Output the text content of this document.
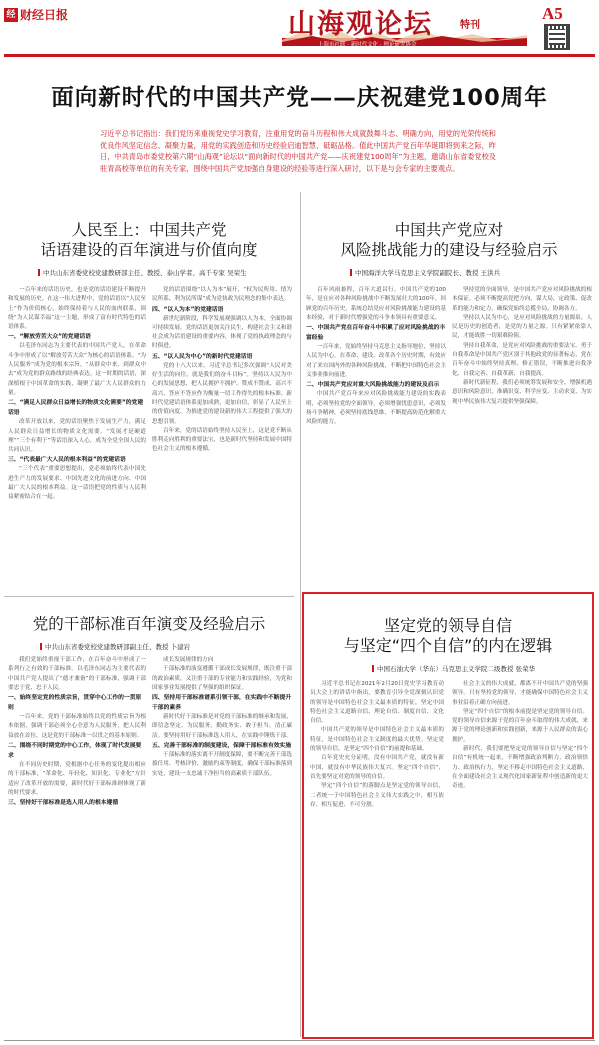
经 财经日报	山海观论坛	特刊
上海市社联 · 新时代文化 · 理论研究协会
A5
面向新时代的中国共产党——庆祝建党100周年

习近平总书记指出：我们党历来重视党史学习教育，注重用党的奋斗历程和伟大成就鼓舞斗志、明确方向，用党的光荣传统和优良作风坚定信念、凝聚力量，用党的实践创造和历史经验启迪智慧、砥砺品格。值此中国共产党百年华诞即将到来之际，昨日，中共青岛市委党校第六期“山海观”论坛以“面向新时代的中国共产党——庆祝建党100周年”为主题，邀请山东省委党校及驻青高校等单位的有关专家，围绕中国共产党加强自身建设的经验等进行深入研讨，以下是与会专家的主要观点。

人民至上：中国共产党
话语建设的百年演进与价值向度
中共山东省委党校党建教研部主任、教授、泰山学者、高千专家 吴荣生

一百年来的话语历史，也是党的话语建设不断提升和发展的历史。在这一伟大进程中，党的话语以“人民至上”作为价值核心，始终保持着与人民的血肉联系，围绕“为人民谋幸福”这一主题，形成了富有时代特色的话语体系。

一、“解放劳苦大众”的党建话语

以毛泽东同志为主要代表的中国共产党人，在革命斗争中形成了以“解放劳苦大众”为核心的话语体系。“为人民服务”成为党的根本宗旨，“从群众中来，到群众中去”成为党的群众路线的经典表达。这一时期的话语，深深植根于中国革命的实践，凝聚了最广大人民群众的力量。

二、“满足人民群众日益增长的物质文化需要”的党建话语

改革开放以来，党的话语聚焦于发展生产力，满足人民群众日益增长的物质文化需要。“发展才是硬道理”“三个有利于”等话语深入人心，成为全党全国人民的共同认识。

三、“代表最广大人民的根本利益”的党建话语

“三个代表”重要思想提出，党必须始终代表中国先进生产力的发展要求、中国先进文化的前进方向、中国最广大人民的根本利益。这一话语把党的性质与人民利益紧密结合在一起。

党的话语围绕“以人为本”展开，“权为民所用、情为民所系、利为民所谋”成为党执政为民理念的集中表达。

四、“以人为本”的党建话语

新世纪新阶段，科学发展观强调以人为本，全面协调可持续发展。党的话语更加关注民生，构建社会主义和谐社会成为话语建设的重要内容，体现了党的执政理念的与时俱进。

五、“以人民为中心”的新时代党建话语

党的十八大以来，习近平总书记多次强调“人民对美好生活的向往，就是我们的奋斗目标”。坚持以人民为中心的发展思想，把人民拥护不拥护、赞成不赞成、高兴不高兴、答应不答应作为衡量一切工作得失的根本标准。新时代党建话语体系更加成熟，更加自信，彰显了人民至上的价值向度，为推进党的建设新的伟大工程提供了强大的思想引领。

百年来，党的话语始终坚持人民至上，这是党不断从胜利走向胜利的重要法宝，也是新时代坚持和发展中国特色社会主义的根本遵循。

中国共产党应对
风险挑战能力的建设与经验启示
中国海洋大学马克思主义学院副院长、教授 王洪兵

百年风雨兼程，百年大道昌行。中国共产党的100年，是在应对各种风险挑战中不断发展壮大的100年。回顾党的百年历史，系统总结党应对风险挑战能力建设的基本经验，对于新时代增强党的斗争本领具有重要意义。

一、中国共产党在百年奋斗中积累了应对风险挑战的丰富经验

一百年来，党始终坚持马克思主义指导地位，坚持以人民为中心，在革命、建设、改革各个历史时期，有效应对了来自国内外的各种风险挑战，不断把中国特色社会主义事业推向前进。

二、中国共产党应对重大风险挑战能力的建设及启示

中国共产党百年来应对风险挑战能力建设的实践表明，必须坚持党的全面领导，必须增强忧患意识，必须发扬斗争精神，必须坚持底线思维，不断提高防范化解重大风险的能力。

坚持党的全面领导，是中国共产党应对风险挑战的根本保证。必须不断提高党把方向、谋大局、定政策、促改革的能力和定力，确保党始终总揽全局、协调各方。

坚持以人民为中心，是应对风险挑战的力量源泉。人民是历史的创造者，是党的力量之源。只有紧紧依靠人民，才能战胜一切艰难险阻。

坚持自我革命，是党应对风险挑战的重要法宝。勇于自我革命是中国共产党区别于其他政党的显著标志，党在百年奋斗中始终坚持真理、修正错误，不断推进自我净化、自我完善、自我革新、自我提高。

新时代新征程，我们必须统筹发展和安全，增强机遇意识和风险意识，准确识变、科学应变、主动求变，为实现中华民族伟大复兴提供坚强保障。

党的干部标准百年演变及经验启示
中共山东省委党校党建教研部副主任、教授 卜建岩

我们党始终重视干部工作，在百年奋斗中形成了一系列行之有效的干部标准。以毛泽东同志为主要代表的中国共产党人提出了“德才兼备”的干部标准，强调干部要忠于党、忠于人民。

一、始终坚定党的性质宗旨，贯穿中心工作的一贯原则

一百年来，党的干部标准始终以党的性质宗旨为根本依据，强调干部必须全心全意为人民服务，把人民利益放在首位，这是党的干部标准一以贯之的基本原则。

二、围绕不同时期党的中心工作，体现了时代发展要求

在不同历史时期，党根据中心任务的变化提出相应的干部标准，“革命化、年轻化、知识化、专业化”方针适应了改革开放的需要，新时代好干部标准则体现了新的时代要求。

三、坚持好干部标准是选人用人的根本遵循

成长发展规律的方向

干部标准的演变遵循干部成长发展规律，既注重干部的政治素质，又注重干部的专业能力和实践经验，为党和国家事业发展提供了坚强的组织保证。

四、坚持用干部标准谱系引领干部，在实践中不断提升干部的素养

新时代好干部标准是对党的干部标准的继承和发展，即信念坚定、为民服务、勤政务实、敢于担当、清正廉洁。要坚持用好干部标准选人用人，在实践中锤炼干部。

五、完善干部标准的制度建设，保障干部标准有效实施

干部标准的落实离不开制度保障，要不断完善干部选拔任用、考核评价、激励约束等制度，确保干部标准落到实处，建设一支忠诚干净担当的高素质干部队伍。

坚定党的领导自信
与坚定“四个自信”的内在逻辑
中国石油大学（华东）马克思主义学院二级教授 张荣华

习近平总书记在2021年2月20日党史学习教育动员大会上的讲话中指出，要教育引导全党深刻认识党的领导是中国特色社会主义最本质的特征，坚定中国特色社会主义道路自信、理论自信、制度自信、文化自信。

中国共产党的领导是中国特色社会主义最本质的特征，是中国特色社会主义制度的最大优势。坚定党的领导自信，是坚定“四个自信”的前提和基础。

百年党史充分证明，没有中国共产党，就没有新中国，就没有中华民族伟大复兴。坚定“四个自信”，首先要坚定对党的领导的自信。

坚定“四个自信”的落脚点是坚定党的领导自信，二者统一于中国特色社会主义伟大实践之中，相互依存、相互促进、不可分割。

社会主义的伟大成就，都离不开中国共产党的坚强领导。只有坚持党的领导，才能确保中国特色社会主义事业沿着正确方向前进。

坚定“四个自信”的根本前提是坚定党的领导自信。党的领导自信来源于党的百年奋斗取得的伟大成就，来源于党的理论创新和实践创新，来源于人民群众的衷心拥护。

新时代，我们要把坚定党的领导自信与坚定“四个自信”有机统一起来，不断增强政治判断力、政治领悟力、政治执行力，坚定不移走中国特色社会主义道路，在全面建设社会主义现代化国家新征程中创造新的更大奇迹。
